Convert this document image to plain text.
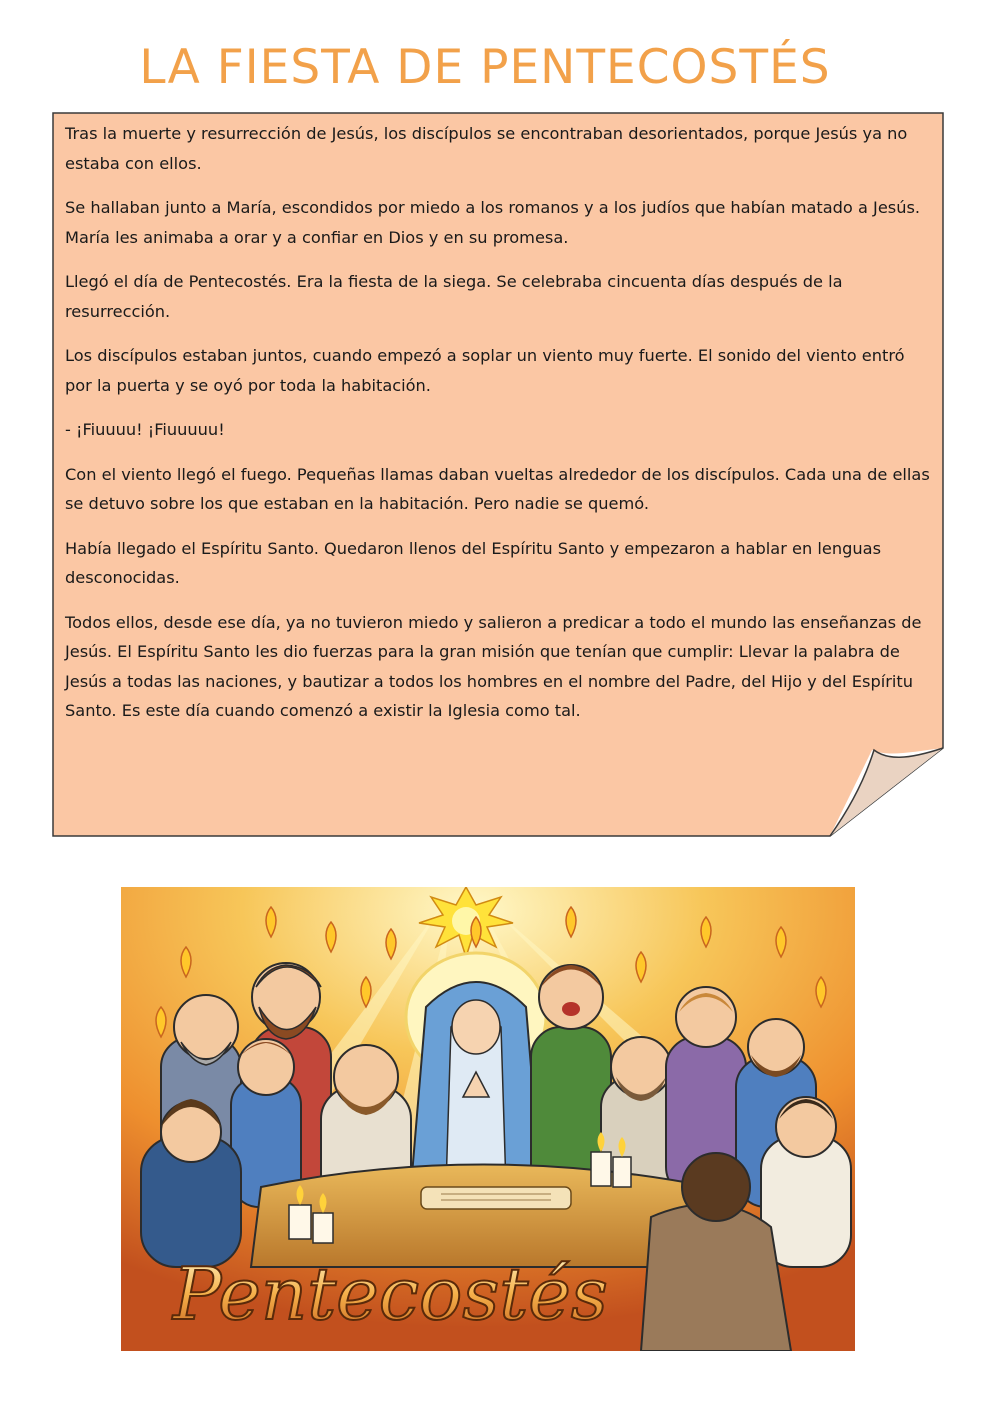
LA FIESTA DE PENTECOSTÉS

Tras la muerte y resurrección de Jesús, los discípulos se encontraban desorientados, porque Jesús ya no estaba con ellos.

Se hallaban junto a María, escondidos por miedo a los romanos y a los judíos que habían matado a Jesús. María les animaba a orar y a confiar en Dios y en su promesa.

Llegó el día de Pentecostés. Era la fiesta de la siega. Se celebraba cincuenta días después de la resurrección.

Los discípulos estaban juntos, cuando empezó a soplar un viento muy fuerte. El sonido del viento entró por la puerta y se oyó por toda la habitación.

- ¡Fiuuuu! ¡Fiuuuuu!

Con el viento llegó el fuego. Pequeñas llamas daban vueltas alrededor de los discípulos. Cada una de ellas se detuvo sobre los que estaban en la habitación. Pero nadie se quemó.

Había llegado el Espíritu Santo. Quedaron llenos del Espíritu Santo y empezaron a hablar en lenguas desconocidas.

Todos ellos, desde ese día, ya no tuvieron miedo y salieron a predicar a todo el mundo las enseñanzas de Jesús. El Espíritu Santo les dio fuerzas para la gran misión que tenían que cumplir: Llevar la palabra de Jesús a todas las naciones, y bautizar a todos los hombres en el nombre del Padre, del Hijo y del Espíritu Santo. Es este día cuando comenzó a existir la Iglesia como tal.

Pentecostés
